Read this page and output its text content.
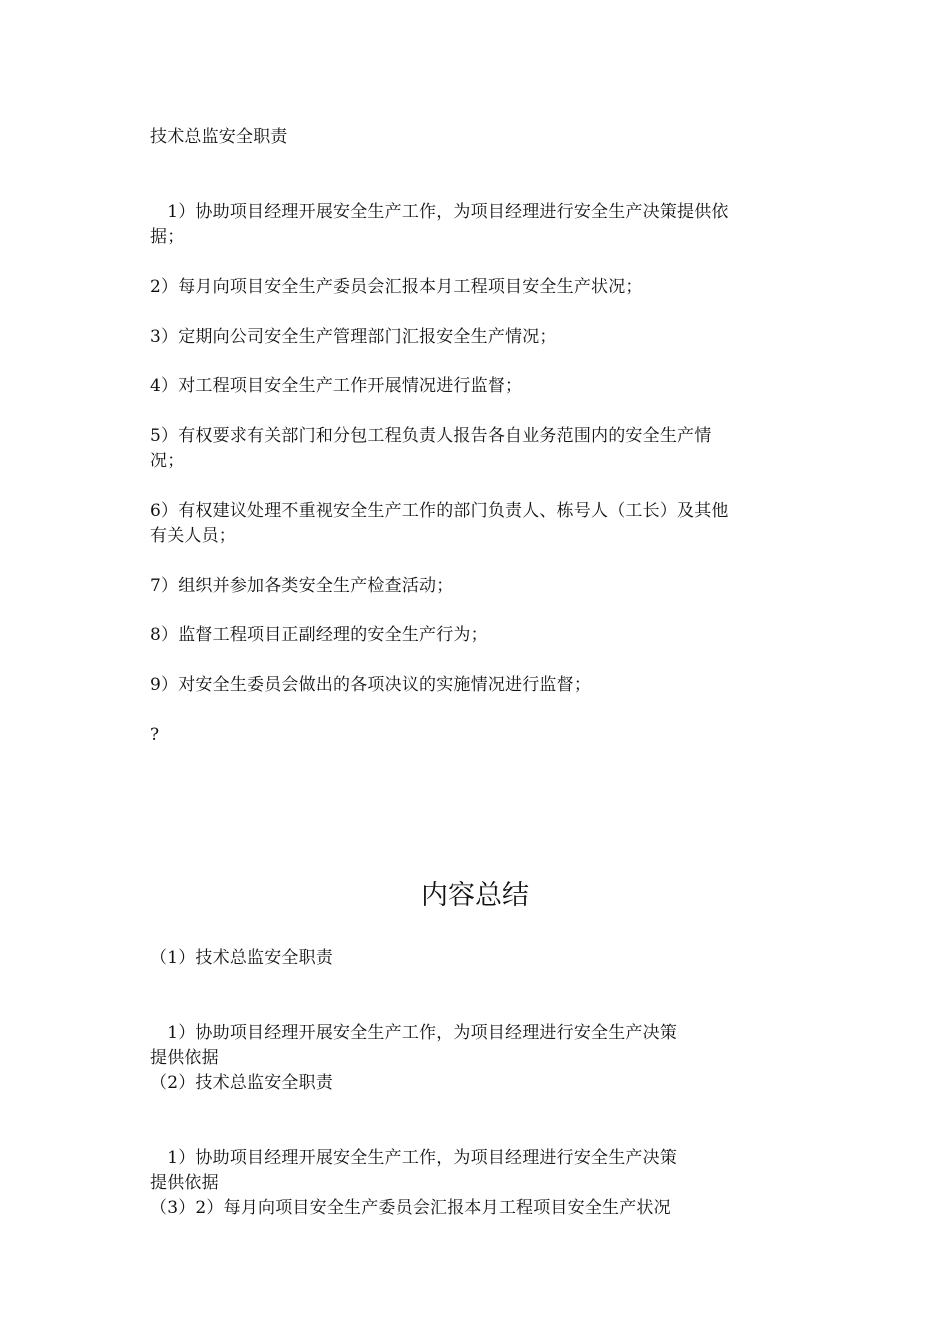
技术总监安全职责
　1）协助项目经理开展安全生产工作，为项目经理进行安全生产决策提供依
据；
2）每月向项目安全生产委员会汇报本月工程项目安全生产状况；
3）定期向公司安全生产管理部门汇报安全生产情况；
4）对工程项目安全生产工作开展情况进行监督；
5）有权要求有关部门和分包工程负责人报告各自业务范围内的安全生产情
况；
6）有权建议处理不重视安全生产工作的部门负责人、栋号人（工长）及其他
有关人员；
7）组织并参加各类安全生产检查活动；
8）监督工程项目正副经理的安全生产行为；
9）对安全生委员会做出的各项决议的实施情况进行监督；
?
内容总结
（1）技术总监安全职责
　1）协助项目经理开展安全生产工作，为项目经理进行安全生产决策
提供依据
（2）技术总监安全职责
　1）协助项目经理开展安全生产工作，为项目经理进行安全生产决策
提供依据
（3）2）每月向项目安全生产委员会汇报本月工程项目安全生产状况
